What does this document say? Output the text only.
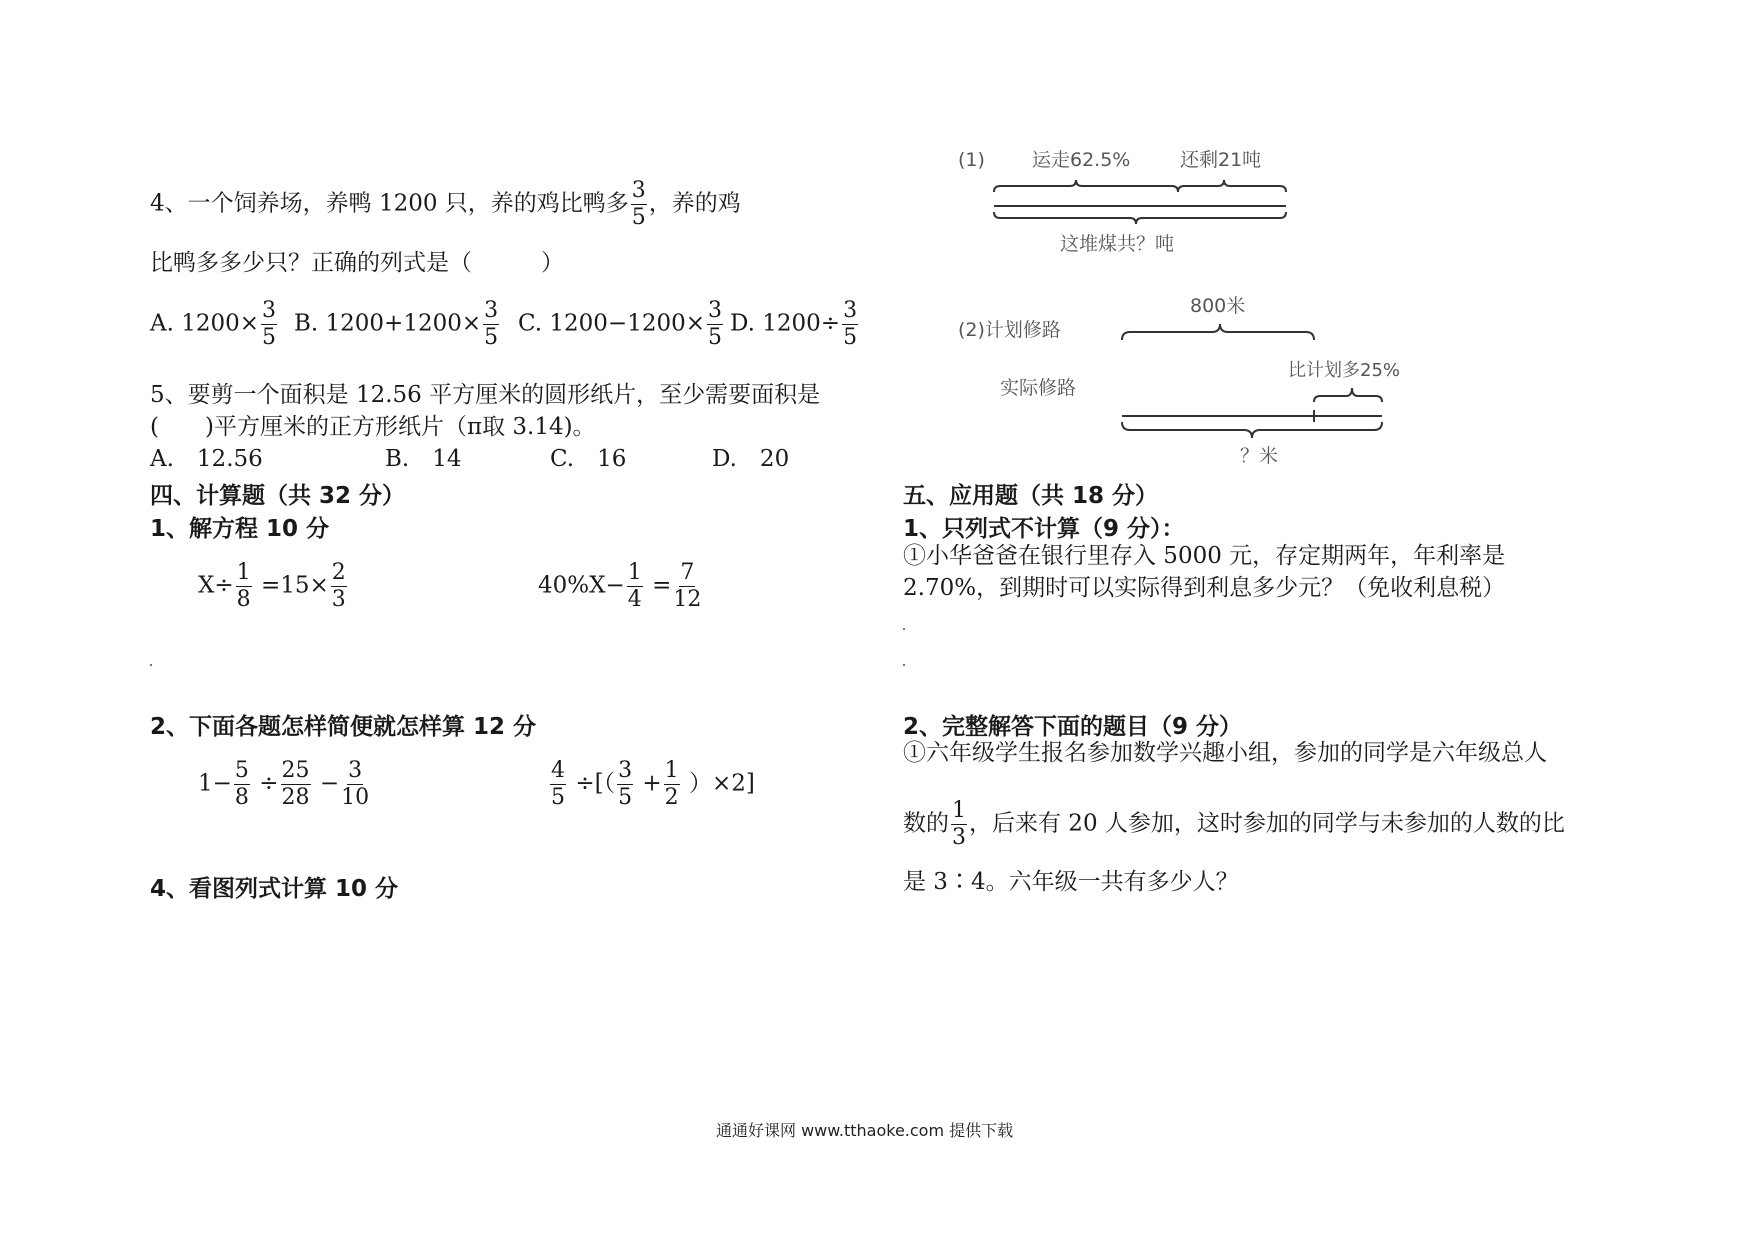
4、一个饲养场，养鸭 1200 只，养的鸡比鸭多 $\frac{3}{5}$ ，养的鸡
比鸭多多少只？正确的列式是（　　　）
A. $1200\times \frac{3}{5} B$. $1200+1200\times \frac{3}{5} C$. $1200-1200\times \frac{3}{5} D$. $1200\div \frac{3}{5}$
5、要剪一个面积是 12.56 平方厘米的圆形纸片，至少需要面积是
(　　)平方厘米的正方形纸片（π取 3.14)。
A.　12.56	B.　14	C.　16	D.　20
四、计算题（共 32 分）
1、解方程 10 分
$X\div \frac{1}{8} =15\times \frac{2}{3}$	$40\%X- \frac{1}{4} = \frac{7}{12}$
2、下面各题怎样简便就怎样算 12 分
$1- \frac{5}{8} \div \frac{25}{28} - \frac{3}{10}$	$\frac{4}{5}$ ÷[（ $\frac{3}{5} + \frac{1}{2} )\times 2$]
4、看图列式计算 10 分
(1) 运走62.5%	还剩21吨
这堆煤共？吨
800米
(2)计划修路
实际修路
比计划多25%
？米
五、应用题（共 18 分）
1、只列式不计算（9 分）：
①小华爸爸在银行里存入 5000 元，存定期两年，年利率是
2.70%，到期时可以实际得到利息多少元？（免收利息税）
2、完整解答下面的题目（9 分）
①六年级学生报名参加数学兴趣小组，参加的同学是六年级总人
数的 $\frac{1}{3}$ ，后来有 20 人参加，这时参加的同学与未参加的人数的比
是 3∶4。六年级一共有多少人？
通通好课网 www.tthaoke.com 提供下载
